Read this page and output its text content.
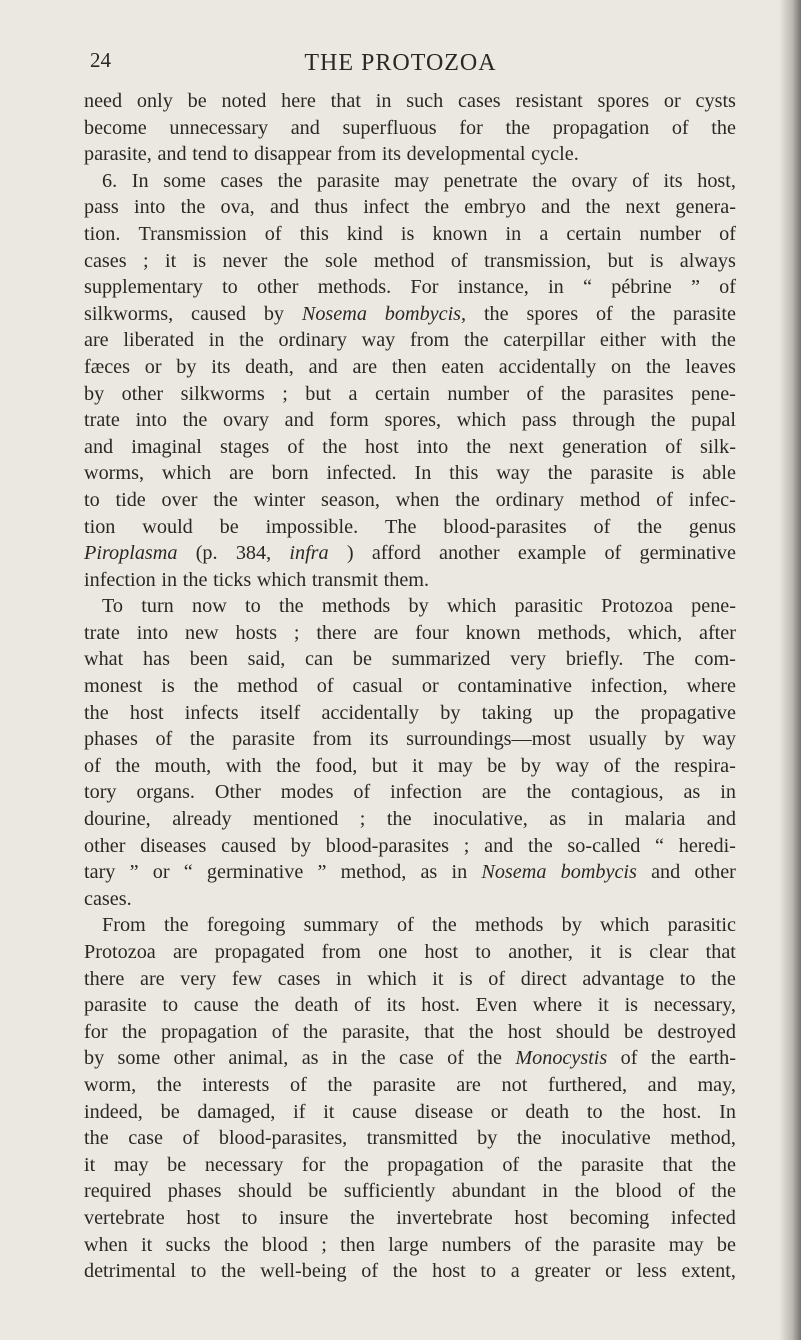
24	THE PROTOZOA
need only be noted here that in such cases resistant spores or cysts
become unnecessary and superfluous for the propagation of the
parasite, and tend to disappear from its developmental cycle.
6. In some cases the parasite may penetrate the ovary of its host,
pass into the ova, and thus infect the embryo and the next genera-
tion. Transmission of this kind is known in a certain number of
cases ; it is never the sole method of transmission, but is always
supplementary to other methods. For instance, in “ pébrine ” of
silkworms, caused by Nosema bombycis, the spores of the parasite
are liberated in the ordinary way from the caterpillar either with the
fæces or by its death, and are then eaten accidentally on the leaves
by other silkworms ; but a certain number of the parasites pene-
trate into the ovary and form spores, which pass through the pupal
and imaginal stages of the host into the next generation of silk-
worms, which are born infected. In this way the parasite is able
to tide over the winter season, when the ordinary method of infec-
tion would be impossible. The blood-parasites of the genus
Piroplasma (p. 384, infra ) afford another example of germinative
infection in the ticks which transmit them.
To turn now to the methods by which parasitic Protozoa pene-
trate into new hosts ; there are four known methods, which, after
what has been said, can be summarized very briefly. The com-
monest is the method of casual or contaminative infection, where
the host infects itself accidentally by taking up the propagative
phases of the parasite from its surroundings—most usually by way
of the mouth, with the food, but it may be by way of the respira-
tory organs. Other modes of infection are the contagious, as in
dourine, already mentioned ; the inoculative, as in malaria and
other diseases caused by blood-parasites ; and the so-called “ heredi-
tary ” or “ germinative ” method, as in Nosema bombycis and other
cases.
From the foregoing summary of the methods by which parasitic
Protozoa are propagated from one host to another, it is clear that
there are very few cases in which it is of direct advantage to the
parasite to cause the death of its host. Even where it is necessary,
for the propagation of the parasite, that the host should be destroyed
by some other animal, as in the case of the Monocystis of the earth-
worm, the interests of the parasite are not furthered, and may,
indeed, be damaged, if it cause disease or death to the host. In
the case of blood-parasites, transmitted by the inoculative method,
it may be necessary for the propagation of the parasite that the
required phases should be sufficiently abundant in the blood of the
vertebrate host to insure the invertebrate host becoming infected
when it sucks the blood ; then large numbers of the parasite may be
detrimental to the well-being of the host to a greater or less extent,
